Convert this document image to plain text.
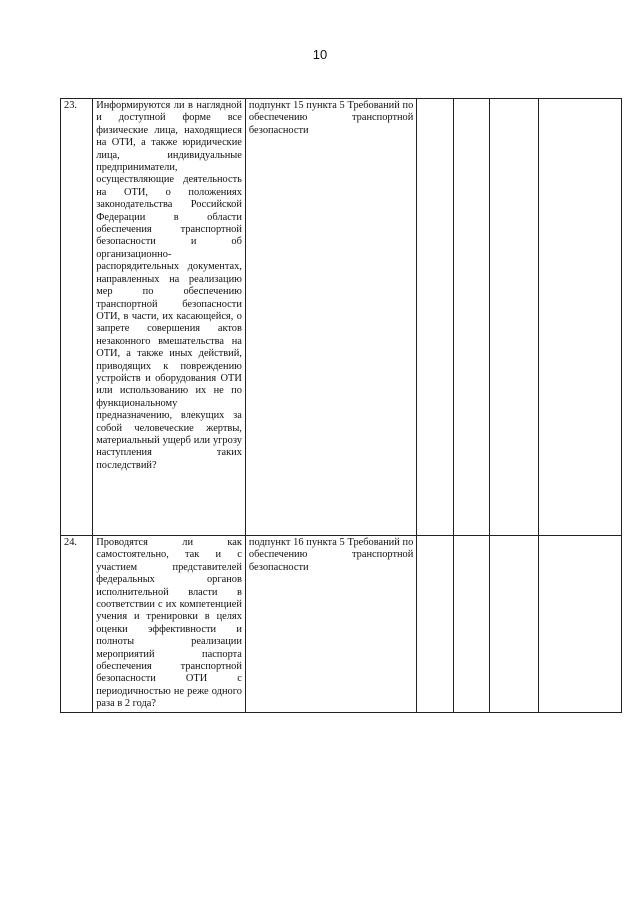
10
23.	Информируются ли в наглядной и доступной форме все физические лица, находящиеся на ОТИ, а также юридические лица, индивидуальные предприниматели, осуществляющие деятельность на ОТИ, о положениях законодательства Российской Федерации в области обеспечения транспортной безопасности и об организационно-распорядительных документах, направленных на реализацию мер по обеспечению транспортной безопасности ОТИ, в части, их касающейся, о запрете совершения актов незаконного вмешательства на ОТИ, а также иных действий, приводящих к повреждению устройств и оборудования ОТИ или использованию их не по функциональному предназначению, влекущих за собой человеческие жертвы, материальный ущерб или угрозу наступления таких последствий?	подпункт 15 пункта 5 Требований по обеспечению транспортной безопасности				
24.	Проводятся ли как самостоятельно, так и с участием представителей федеральных органов исполнительной власти в соответствии с их компетенцией учения и тренировки в целях оценки эффективности и полноты реализации мероприятий паспорта обеспечения транспортной безопасности ОТИ с периодичностью не реже одного раза в 2 года?	подпункт 16 пункта 5 Требований по обеспечению транспортной безопасности				
